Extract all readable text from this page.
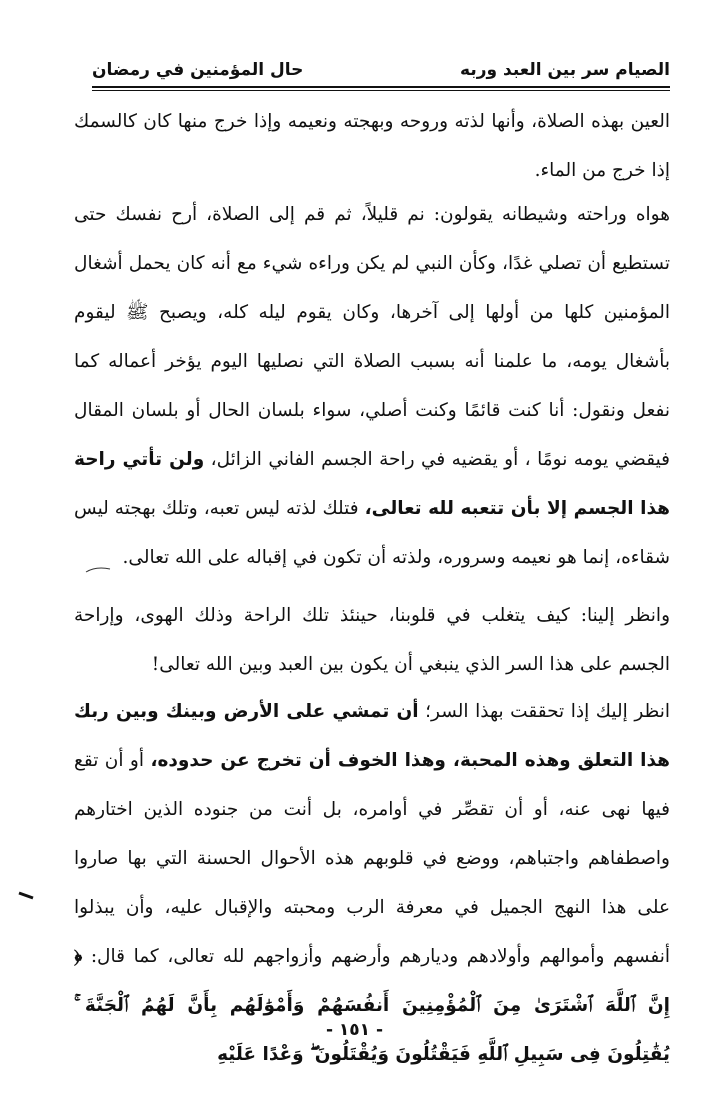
الصيام سر بين العبد وربه
حال المؤمنين في رمضان

العين بهذه الصلاة، وأنها لذته وروحه وبهجته ونعيمه وإذا خرج منها كان كالسمك إذا خرج من الماء.

هواه وراحته وشيطانه يقولون: نم قليلاً، ثم قم إلى الصلاة، أرح نفسك حتى تستطيع أن تصلي غدًا، وكأن النبي لم يكن وراءه شيء مع أنه كان يحمل أشغال المؤمنين كلها من أولها إلى آخرها، وكان يقوم ليله كله، ويصبح ﷺ ليقوم بأشغال يومه، ما علمنا أنه بسبب الصلاة التي نصليها اليوم يؤخر أعماله كما نفعل ونقول: أنا كنت قائمًا وكنت أصلي، سواء بلسان الحال أو بلسان المقال فيقضي يومه نومًا ، أو يقضيه في راحة الجسم الفاني الزائل، ولن تأتي راحة هذا الجسم إلا بأن تتعبه لله تعالى، فتلك لذته ليس تعبه، وتلك بهجته ليس شقاءه، إنما هو نعيمه وسروره، ولذته أن تكون في إقباله على الله تعالى.

وانظر إلينا: كيف يتغلب في قلوبنا، حينئذ تلك الراحة وذلك الهوى، وإراحة الجسم على هذا السر الذي ينبغي أن يكون بين العبد وبين الله تعالى!

انظر إليك إذا تحققت بهذا السر؛ أن تمشي على الأرض وبينك وبين ربك هذا التعلق وهذه المحبة، وهذا الخوف أن تخرج عن حدوده، أو أن تقع فيها نهى عنه، أو أن تقصِّر في أوامره، بل أنت من جنوده الذين اختارهم واصطفاهم واجتباهم، ووضع في قلوبهم هذه الأحوال الحسنة التي بها صاروا على هذا النهج الجميل في معرفة الرب ومحبته والإقبال عليه، وأن يبذلوا أنفسهم وأموالهم وأولادهم وديارهم وأرضهم وأزواجهم لله تعالى، كما قال: ﴿ إِنَّ ٱللَّهَ ٱشْتَرَىٰ مِنَ ٱلْمُؤْمِنِينَ أَنفُسَهُمْ وَأَمْوَٰلَهُم بِأَنَّ لَهُمُ ٱلْجَنَّةَ ۚ يُقَٰتِلُونَ فِى سَبِيلِ ٱللَّهِ فَيَقْتُلُونَ وَيُقْتَلُونَ ۖ وَعْدًا عَلَيْهِ

- ١٥١ -
